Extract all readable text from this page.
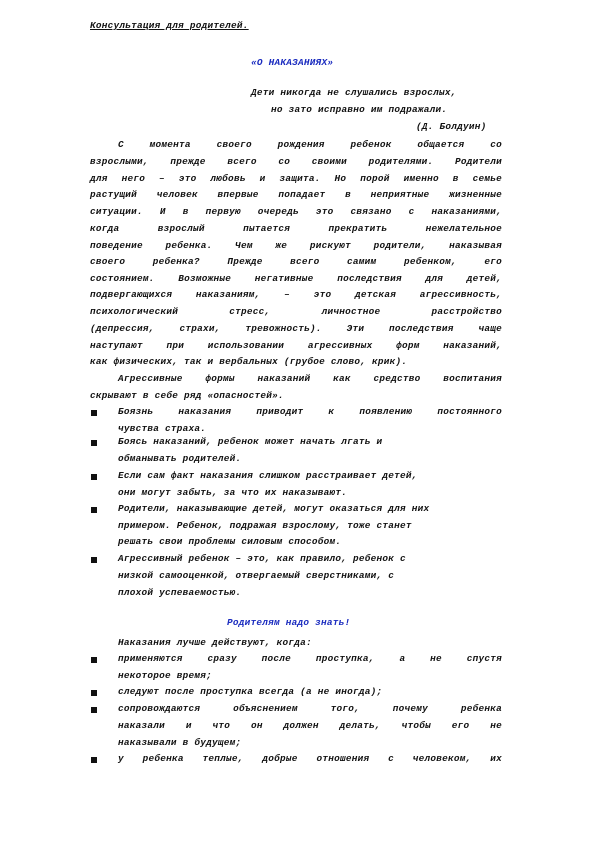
Консультация для родителей.
«О НАКАЗАНИЯХ»
Дети никогда не слушались взрослых,
но зато исправно им подражали.
(Д. Болдуин)
С момента своего рождения ребенок общается со
взрослыми, прежде всего со своими родителями. Родители
для него – это любовь и защита. Но порой именно в семье
растущий человек впервые попадает в неприятные жизненные
ситуации. И в первую очередь это связано с наказаниями,
когда взрослый пытается прекратить нежелательное
поведение ребенка. Чем же рискуют родители, наказывая
своего ребенка? Прежде всего самим ребенком, его
состоянием. Возможные негативные последствия для детей,
подвергающихся наказаниям, – это детская агрессивность,
психологический стресс, личностное расстройство
(депрессия, страхи, тревожность). Эти последствия чаще
наступают при использовании агрессивных форм наказаний,
как физических, так и вербальных (грубое слово, крик).
Агрессивные формы наказаний как средство воспитания
скрывают в себе ряд «опасностей».
Боязнь наказания приводит к появлению постоянного
чувства страха.
Боясь наказаний, ребенок может начать лгать и
обманывать родителей.
Если сам факт наказания слишком расстраивает детей,
они могут забыть, за что их наказывают.
Родители, наказывающие детей, могут оказаться для них
примером. Ребенок, подражая взрослому, тоже станет
решать свои проблемы силовым способом.
Агрессивный ребенок – это, как правило, ребенок с
низкой самооценкой, отвергаемый сверстниками, с
плохой успеваемостью.
Родителям надо знать!
Наказания лучше действуют, когда:
применяются сразу после проступка, а не спустя
некоторое время;
следуют после проступка всегда (а не иногда);
сопровождаются объяснением того, почему ребенка
наказали и что он должен делать, чтобы его не
наказывали в будущем;
у ребенка теплые, добрые отношения с человеком, их
